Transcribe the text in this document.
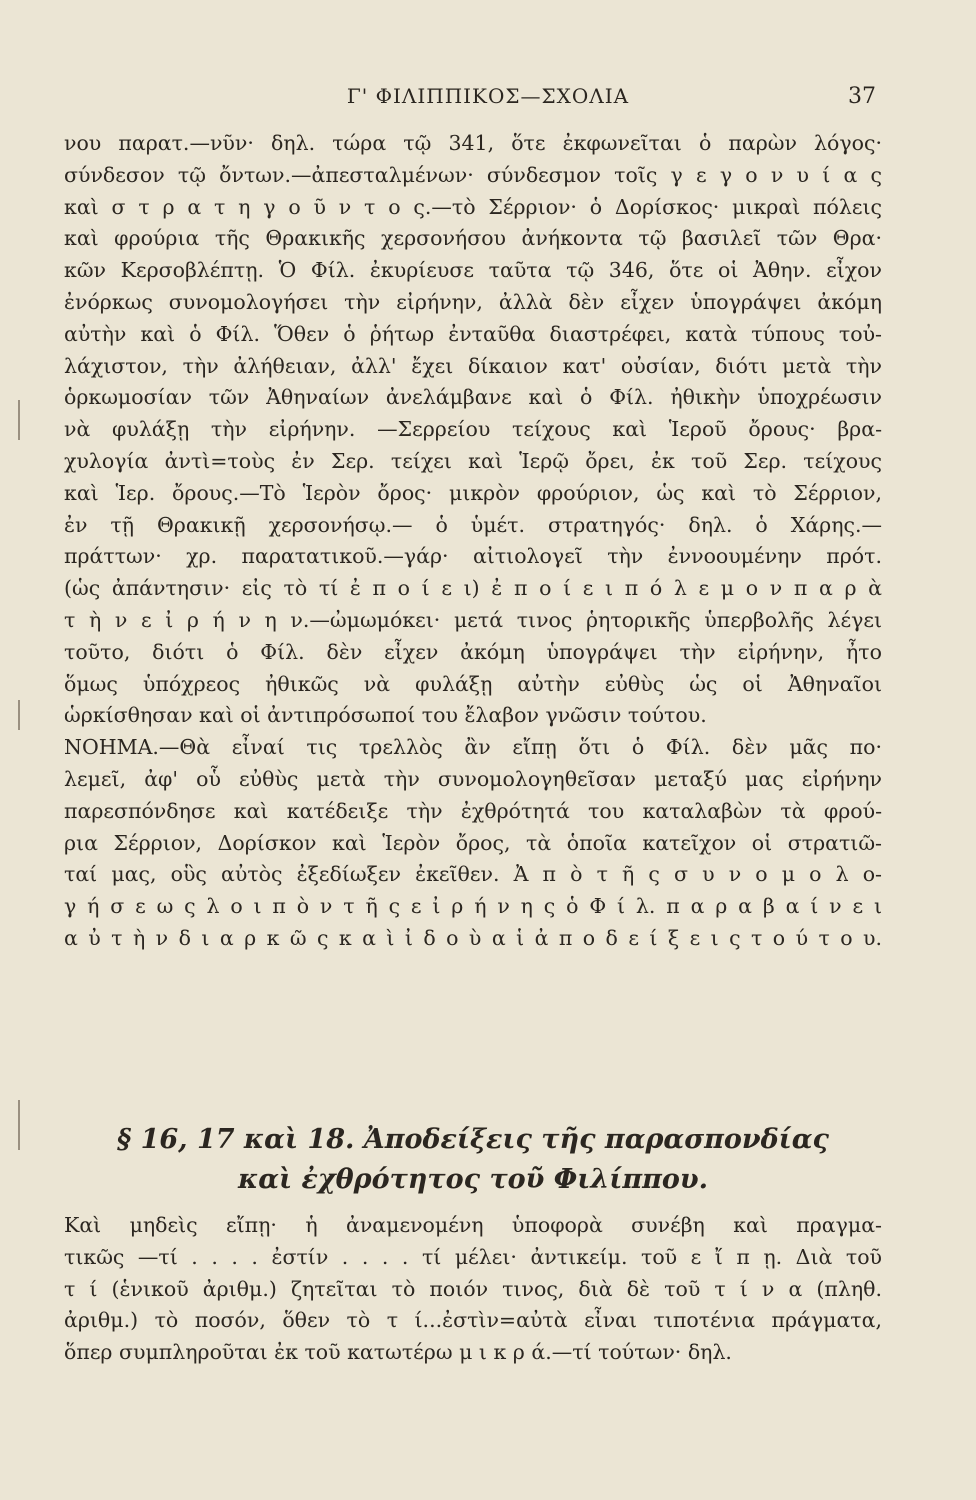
Γ' ΦΙΛΙΠΠΙΚΟΣ—ΣΧΟΛΙΑ	37
νου παρατ.—νῦν· δηλ. τώρα τῷ 341, ὅτε ἐκφωνεῖται ὁ παρὼν λόγος·
σύνδεσον τῷ ὄντων.—ἀπεσταλμένων· σύνδεσμον τοῖς γ ε γ ο ν υ ί α ς
καὶ σ τ ρ α τ η γ ο ῦ ν τ ο ς.—τὸ Σέρριον· ὁ Δορίσκος· μικραὶ πόλεις
καὶ φρούρια τῆς Θρακικῆς χερσονήσου ἀνήκοντα τῷ βασιλεῖ τῶν Θρα·
κῶν Κερσοβλέπτῃ. Ὁ Φίλ. ἐκυρίευσε ταῦτα τῷ 346, ὅτε οἱ Ἀθην. εἶχον
ἐνόρκως συνομολογήσει τὴν εἰρήνην, ἀλλὰ δὲν εἶχεν ὑπογράψει ἀκόμη
αὐτὴν καὶ ὁ Φίλ. Ὅθεν ὁ ῥήτωρ ἐνταῦθα διαστρέφει, κατὰ τύπους τοὐ-
λάχιστον, τὴν ἀλήθειαν, ἀλλ' ἔχει δίκαιον κατ' οὐσίαν, διότι μετὰ τὴν
ὁρκωμοσίαν τῶν Ἀθηναίων ἀνελάμβανε καὶ ὁ Φίλ. ἠθικὴν ὑποχρέωσιν
νὰ φυλάξῃ τὴν εἰρήνην. —Σερρείου τείχους καὶ Ἱεροῦ ὄρους· βρα-
χυλογία ἀντὶ=τοὺς ἐν Σερ. τείχει καὶ Ἱερῷ ὄρει, ἐκ τοῦ Σερ. τείχους
καὶ Ἱερ. ὄρους.—Τὸ Ἱερὸν ὄρος· μικρὸν φρούριον, ὡς καὶ τὸ Σέρριον,
ἐν τῇ Θρακικῇ χερσονήσῳ.— ὁ ὑμέτ. στρατηγός· δηλ. ὁ Χάρης.—
πράττων· χρ. παρατατικοῦ.—γάρ· αἰτιολογεῖ τὴν ἐννοουμένην πρότ.
(ὡς ἀπάντησιν· εἰς τὸ τί ἐ π ο ί ε ι) ἐ π ο ί ε ι π ό λ ε μ ο ν π α ρ ὰ
τ ὴ ν ε ἰ ρ ή ν η ν.—ὠμωμόκει· μετά τινος ῥητορικῆς ὑπερβολῆς λέγει
τοῦτο, διότι ὁ Φίλ. δὲν εἶχεν ἀκόμη ὑπογράψει τὴν εἰρήνην, ἦτο
ὅμως ὑπόχρεος ἠθικῶς νὰ φυλάξῃ αὐτὴν εὐθὺς ὡς οἱ Ἀθηναῖοι
ὡρκίσθησαν καὶ οἱ ἀντιπρόσωποί του ἔλαβον γνῶσιν τούτου.
ΝΟΗΜΑ.—Θὰ εἶναί τις τρελλὸς ἂν εἴπῃ ὅτι ὁ Φίλ. δὲν μᾶς πο·
λεμεῖ, ἀφ' οὗ εὐθὺς μετὰ τὴν συνομολογηθεῖσαν μεταξύ μας εἰρήνην
παρεσπόνδησε καὶ κατέδειξε τὴν ἐχθρότητά του καταλαβὼν τὰ φρού-
ρια Σέρριον, Δορίσκον καὶ Ἱερὸν ὄρος, τὰ ὁποῖα κατεῖχον οἱ στρατιῶ-
ταί μας, οὓς αὐτὸς ἐξεδίωξεν ἐκεῖθεν. Ἀ π ὸ τ ῆ ς σ υ ν ο μ ο λ ο-
γ ή σ ε ω ς λ ο ι π ὸ ν τ ῆ ς ε ἰ ρ ή ν η ς ὁ Φ ί λ. π α ρ α β α ί ν ε ι
α ὐ τ ὴ ν δ ι α ρ κ ῶ ς κ α ὶ ἰ δ ο ὺ α ἱ ἀ π ο δ ε ί ξ ε ι ς τ ο ύ τ ο υ.
§ 16, 17 καὶ 18. Ἀποδείξεις τῆς παρασπονδίας
καὶ ἐχθρότητος τοῦ Φιλίππου.
Καὶ μηδεὶς εἴπῃ· ἡ ἀναμενομένη ὑποφορὰ συνέβη καὶ πραγμα-
τικῶς —τί . . . . ἐστίν . . . . τί μέλει· ἀντικείμ. τοῦ ε ἴ π ῃ. Διὰ τοῦ
τ ί (ἑνικοῦ ἀριθμ.) ζητεῖται τὸ ποιόν τινος, διὰ δὲ τοῦ τ ί ν α (πληθ.
ἀριθμ.) τὸ ποσόν, ὅθεν τὸ τ ί...ἐστὶν=αὐτὰ εἶναι τιποτένια πράγματα,
ὅπερ συμπληροῦται ἐκ τοῦ κατωτέρω μ ι κ ρ ά.—τί τούτων· δηλ.
